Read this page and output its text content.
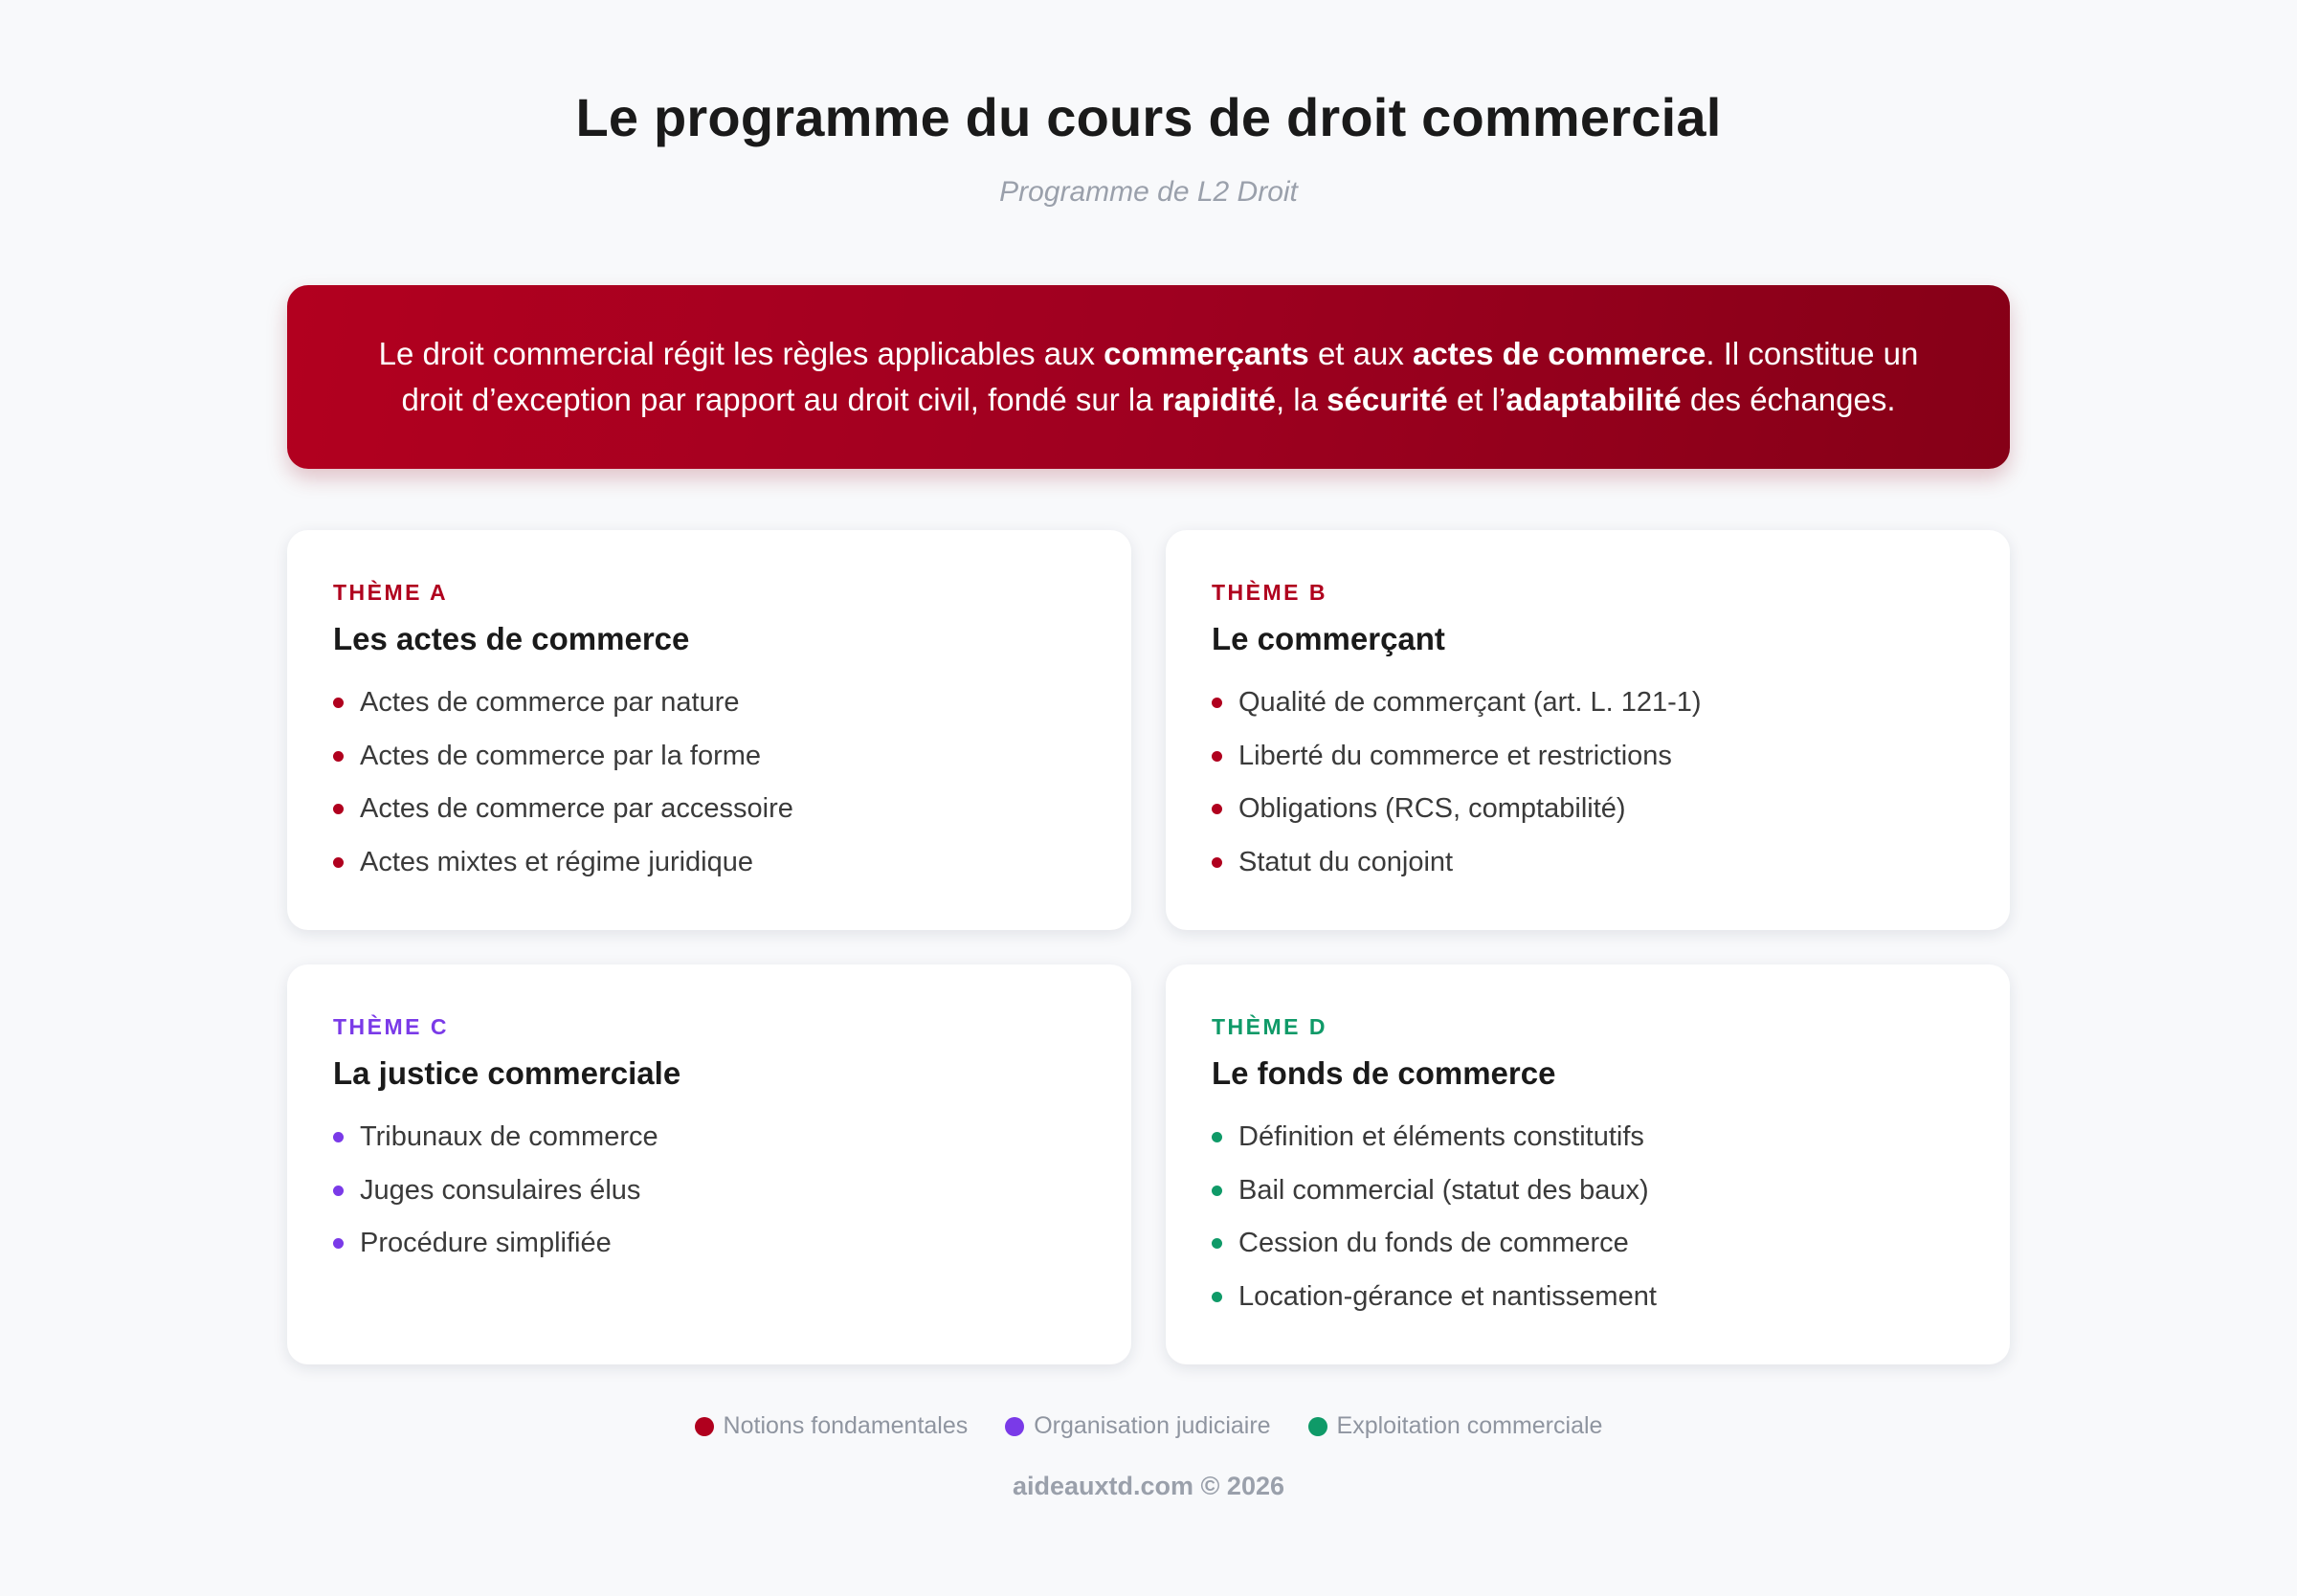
Le programme du cours de droit commercial
Programme de L2 Droit
Le droit commercial régit les règles applicables aux commerçants et aux actes de commerce. Il constitue un
droit d’exception par rapport au droit civil, fondé sur la rapidité, la sécurité et l’adaptabilité des échanges.
THÈME A
Les actes de commerce
Actes de commerce par nature
Actes de commerce par la forme
Actes de commerce par accessoire
Actes mixtes et régime juridique
THÈME B
Le commerçant
Qualité de commerçant (art. L. 121-1)
Liberté du commerce et restrictions
Obligations (RCS, comptabilité)
Statut du conjoint
THÈME C
La justice commerciale
Tribunaux de commerce
Juges consulaires élus
Procédure simplifiée
THÈME D
Le fonds de commerce
Définition et éléments constitutifs
Bail commercial (statut des baux)
Cession du fonds de commerce
Location-gérance et nantissement
Notions fondamentales	Organisation judiciaire	Exploitation commerciale
aideauxtd.com © 2026
